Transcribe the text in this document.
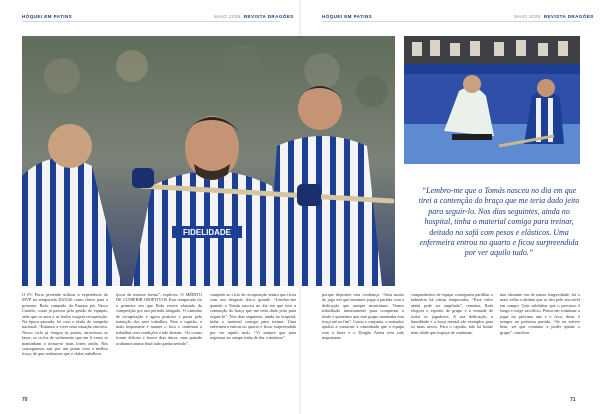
HÓQUEI EM PATINS	MAIO 2025 REVISTA DRAGÕES	HÓQUEI EM PATINS	MAIO 2025 REVISTA DRAGÕES
FIDELIDADE
“Lembro-me que o Tomás nasceu no dia em que tirei a contenção do braço que me teria dado jeito para seguir-lo. Nos dias seguintes, ainda no hospital, tinha o material comigo para treinar, deitado no sofá com pesos e elásticos. Uma enfermeira entrou no quarto e ficou surpreendida por ver aquilo tudo.”

O FC Porto pretende utilizar a experiência do MVP na temporada 2025/26 como chave para o presente. Rafa, campeão da Europa por Vasco Castelo, conta já passou pela gestão de equipas, sabe que os anos e as lesões exigem recuperação. Na época passada, foi com o título de campeão nacional. “Estamos a viver uma situação emotiva. Nosso ciclo já chegou às portas, atravessou as fases, os ciclos de sofrimento que em 6 vezes se mantinham a tornar-se mais fortes ainda. Nós conseguimos sair por um ponto com a melhor força, de que soubemos que o clube trabalhou.

fpcca da mesma forma”, explicou. O MÉRITO DE CUMPRIR OBJETIVOS Esta temporada foi a primeira em que Rafa esteve afastado da competição por um período alargado. O caminho de recuperação é agora positivo e passa pela transição dos seus trabalhos. Para o capitão, o mais importante é manter o foco e continuar a trabalhar com condições e não desistir. “As coisas foram difíceis e houve dias duros, mas quando acabamos numa final tudo ganha sentido”.

campeão ao ciclo de recuperação sentiu que ficou com um desgaste físico grande. “Lembro-me quando o Tomás nasceu no dia em que tirei a contenção do braço que me teria dado jeito para seguir-lo”. Nos dias seguintes, ainda no hospital, tinha o material comigo para treinar. Uma enfermeira entrou no quarto e ficou surpreendida por ver aquilo tudo. “Vi sempre que para regressar ao campo tinha de dar o máximo”.

porque depositei esta confiança. “Saiu muito do jogo em que tentamos jogar a partida com a dedicação que sempre mostrámos. Temos trabalhado intensamente para conquistar o título e queremos que este grupo mantenha esta força até ao fim”. Como o conjunto, o treinador ajudou a construir a caminhada que a equipa está a fazer e o Dragão Arena tem sido importante.

companheiros de equipa conseguem partilhar a balneário há várias temporadas. “Esse valor ainda pode ser ampliado”, rematou. Rafa elogiou o espírito de grupo e a vontade de todos os jogadores. A sua dedicação, a humildade e a força mental são exemplos para os mais novos. Para o capitão, não há limite nem idade que impeça de continuar.

nao obstante era de maior longevidade, foi o mais velho a alinhar que se deu pelo seu nível em campo. Quis sublinhar que o percurso é longo e exige sacrifício. Pensa em continuar a jogar no próximo ano e o foco, disse, é sempre na próxima partida. “Se eu estiver bem, sei que continuo a poder ajudar o grupo”, concluiu.

70	71
